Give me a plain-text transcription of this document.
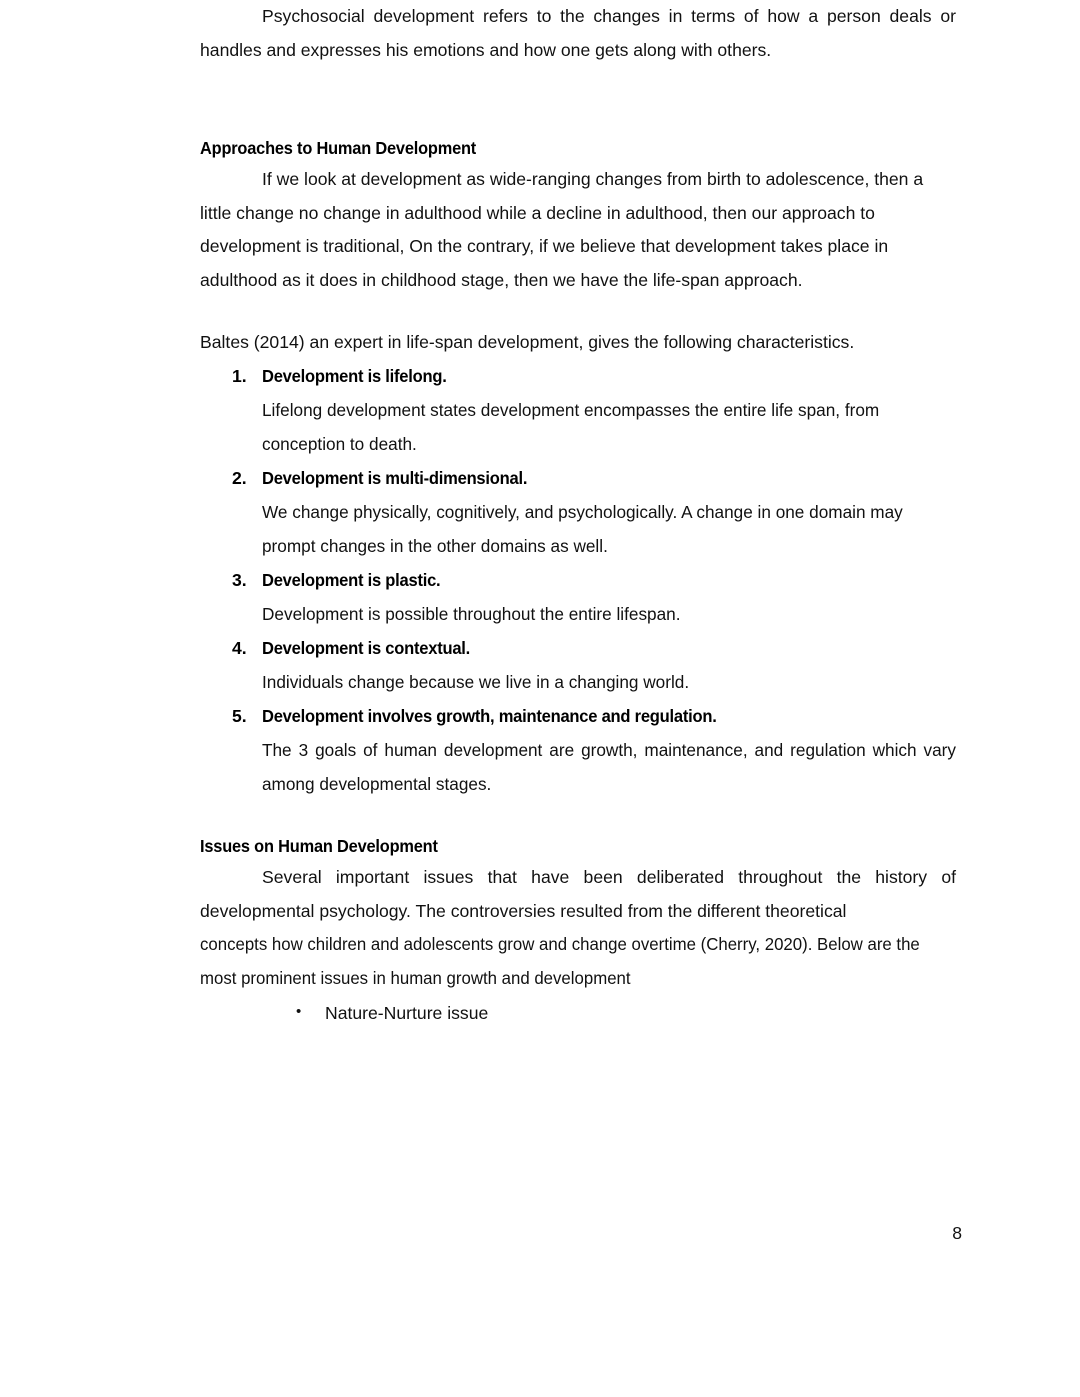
Psychosocial development refers to the changes in terms of how a person deals or handles and expresses his emotions and how one gets along with others.

Approaches to Human Development

If we look at development as wide-ranging changes from birth to adolescence, then a little change no change in adulthood while a decline in adulthood, then our approach to development is traditional, On the contrary, if we believe that development takes place in adulthood as it does in childhood stage, then we have the life-span approach.

Baltes (2014) an expert in life-span development, gives the following characteristics.

1. Development is lifelong.

Lifelong development states development encompasses the entire life span, from conception to death.

2. Development is multi-dimensional.

We change physically, cognitively, and psychologically. A change in one domain may prompt changes in the other domains as well.

3. Development is plastic.

Development is possible throughout the entire lifespan.

4. Development is contextual.

Individuals change because we live in a changing world.

5. Development involves growth, maintenance and regulation.

The 3 goals of human development are growth, maintenance, and regulation which vary among developmental stages.

Issues on Human Development

Several important issues that have been deliberated throughout the history of developmental psychology. The controversies resulted from the different theoretical

concepts how children and adolescents grow and change overtime (Cherry, 2020). Below are the most prominent issues in human growth and development

• Nature-Nurture issue
8
